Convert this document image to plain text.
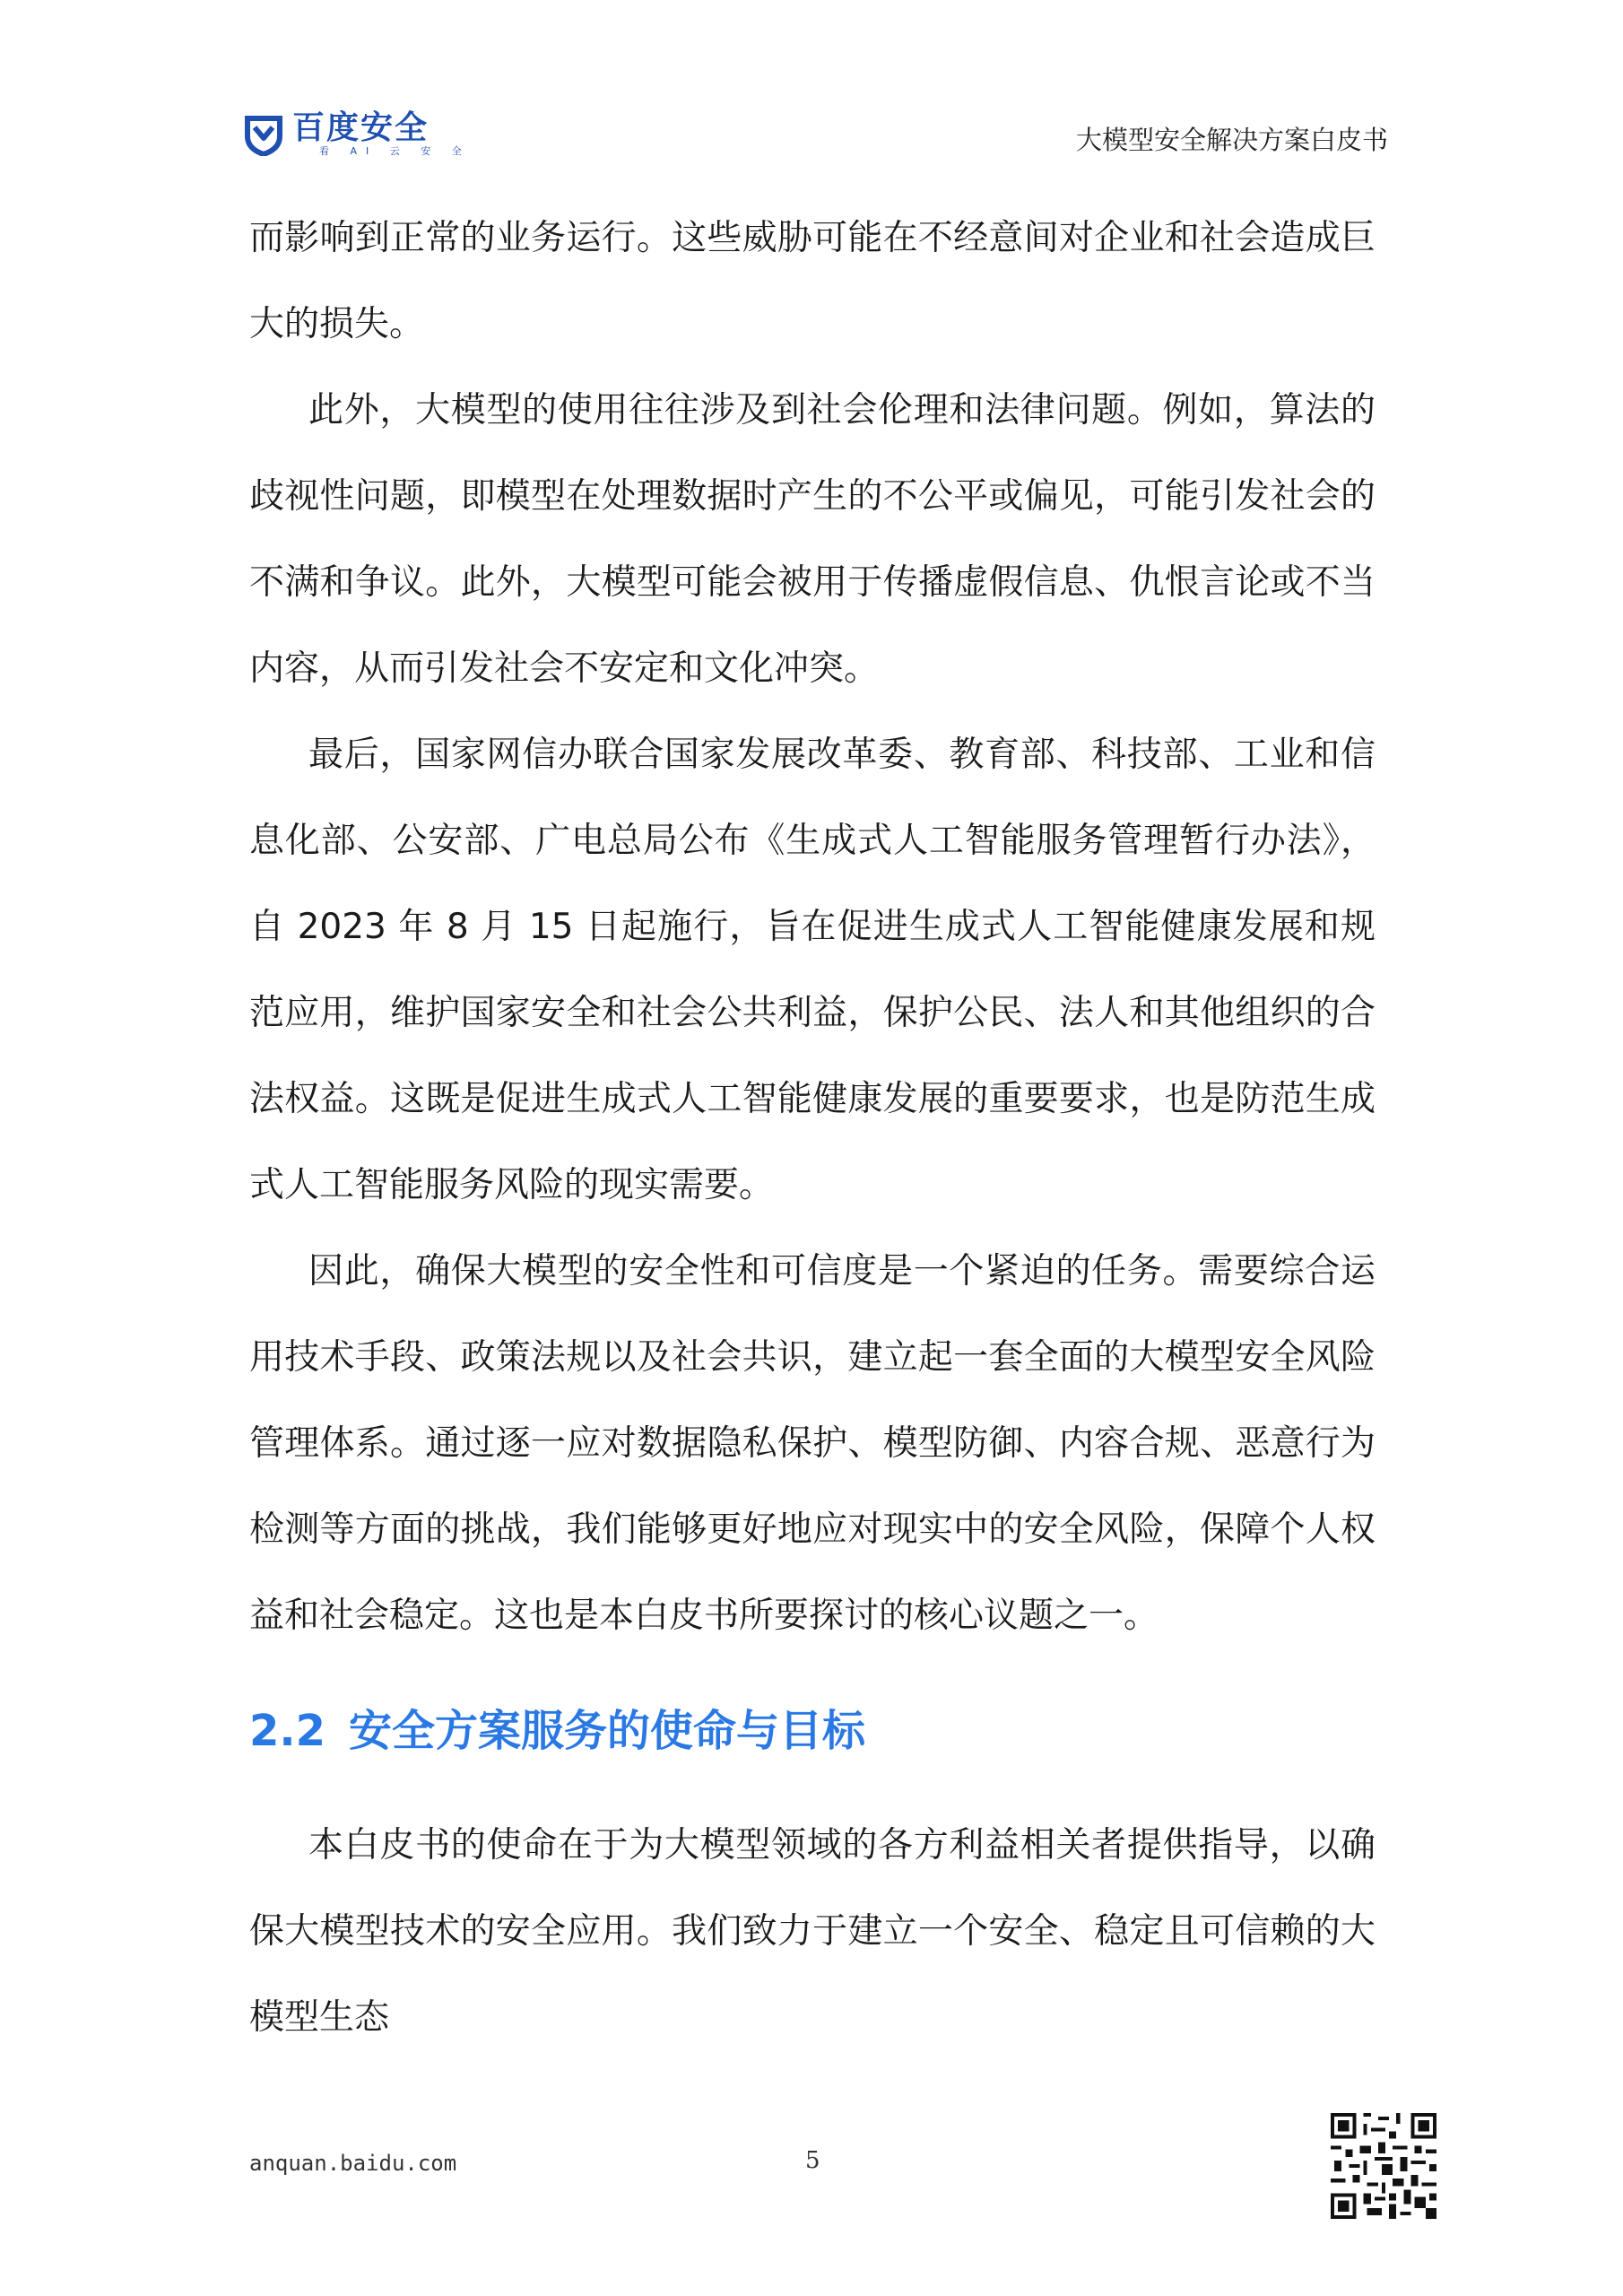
百度安全
看 AI 云 安 全	大模型安全解决方案白皮书

而影响到正常的业务运行。这些威胁可能在不经意间对企业和社会造成巨大的损失。

此外，大模型的使用往往涉及到社会伦理和法律问题。例如，算法的歧视性问题，即模型在处理数据时产生的不公平或偏见，可能引发社会的不满和争议。此外，大模型可能会被用于传播虚假信息、仇恨言论或不当内容，从而引发社会不安定和文化冲突。

最后，国家网信办联合国家发展改革委、教育部、科技部、工业和信息化部、公安部、广电总局公布《生成式人工智能服务管理暂行办法》，自 2023 年 8 月 15 日起施行，旨在促进生成式人工智能健康发展和规范应用，维护国家安全和社会公共利益，保护公民、法人和其他组织的合法权益。这既是促进生成式人工智能健康发展的重要要求，也是防范生成式人工智能服务风险的现实需要。

因此，确保大模型的安全性和可信度是一个紧迫的任务。需要综合运用技术手段、政策法规以及社会共识，建立起一套全面的大模型安全风险管理体系。通过逐一应对数据隐私保护、模型防御、内容合规、恶意行为检测等方面的挑战，我们能够更好地应对现实中的安全风险，保障个人权益和社会稳定。这也是本白皮书所要探讨的核心议题之一。

2.2 安全方案服务的使命与目标

本白皮书的使命在于为大模型领域的各方利益相关者提供指导，以确保大模型技术的安全应用。我们致力于建立一个安全、稳定且可信赖的大模型生态

anquan.baidu.com	5
